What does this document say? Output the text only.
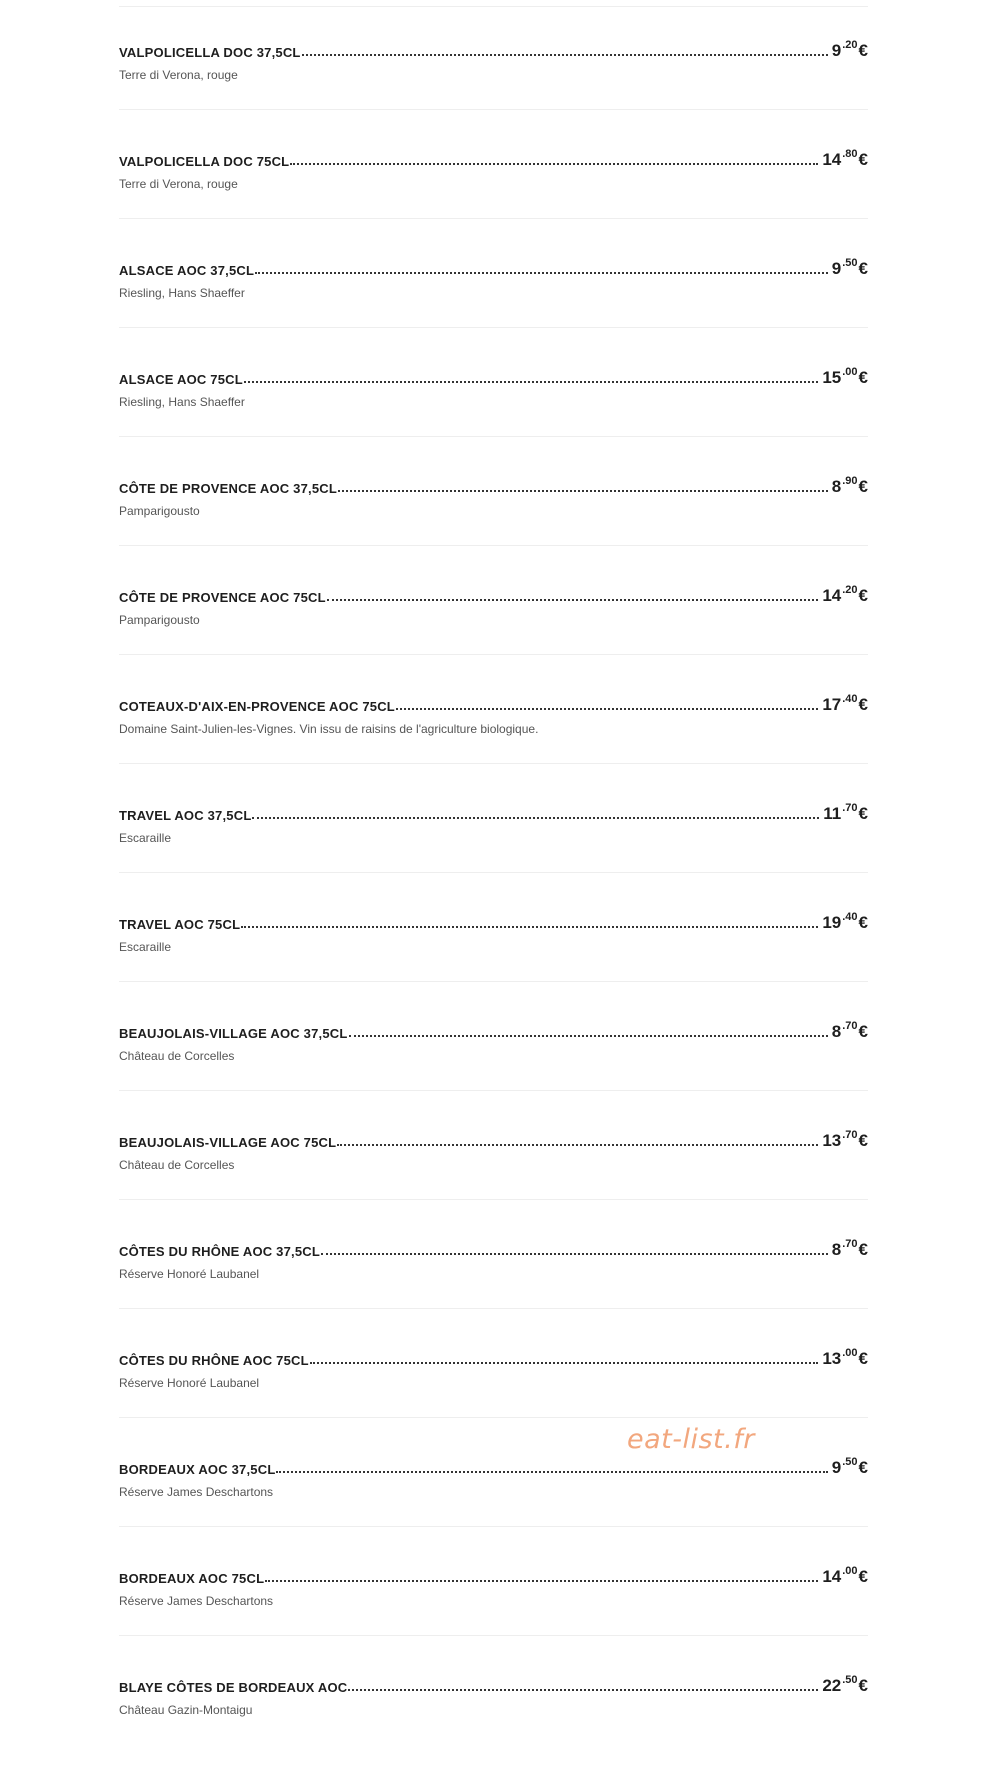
VALPOLICELLA DOC 37,5CL	9 .20 €
Terre di Verona, rouge
VALPOLICELLA DOC 75CL	14 .80 €
Terre di Verona, rouge
ALSACE AOC 37,5CL	9 .50 €
Riesling, Hans Shaeffer
ALSACE AOC 75CL	15 .00 €
Riesling, Hans Shaeffer
CÔTE DE PROVENCE AOC 37,5CL	8 .90 €
Pamparigousto
CÔTE DE PROVENCE AOC 75CL	14 .20 €
Pamparigousto
COTEAUX-D'AIX-EN-PROVENCE AOC 75CL	17 .40 €
Domaine Saint-Julien-les-Vignes. Vin issu de raisins de l'agriculture biologique.
TRAVEL AOC 37,5CL	11 .70 €
Escaraille
TRAVEL AOC 75CL	19 .40 €
Escaraille
BEAUJOLAIS-VILLAGE AOC 37,5CL	8 .70 €
Château de Corcelles
BEAUJOLAIS-VILLAGE AOC 75CL	13 .70 €
Château de Corcelles
CÔTES DU RHÔNE AOC 37,5CL	8 .70 €
Réserve Honoré Laubanel
CÔTES DU RHÔNE AOC 75CL	13 .00 €
Réserve Honoré Laubanel
BORDEAUX AOC 37,5CL	9 .50 €
Réserve James Deschartons
BORDEAUX AOC 75CL	14 .00 €
Réserve James Deschartons
BLAYE CÔTES DE BORDEAUX AOC	22 .50 €
Château Gazin-Montaigu
eat-list.fr
